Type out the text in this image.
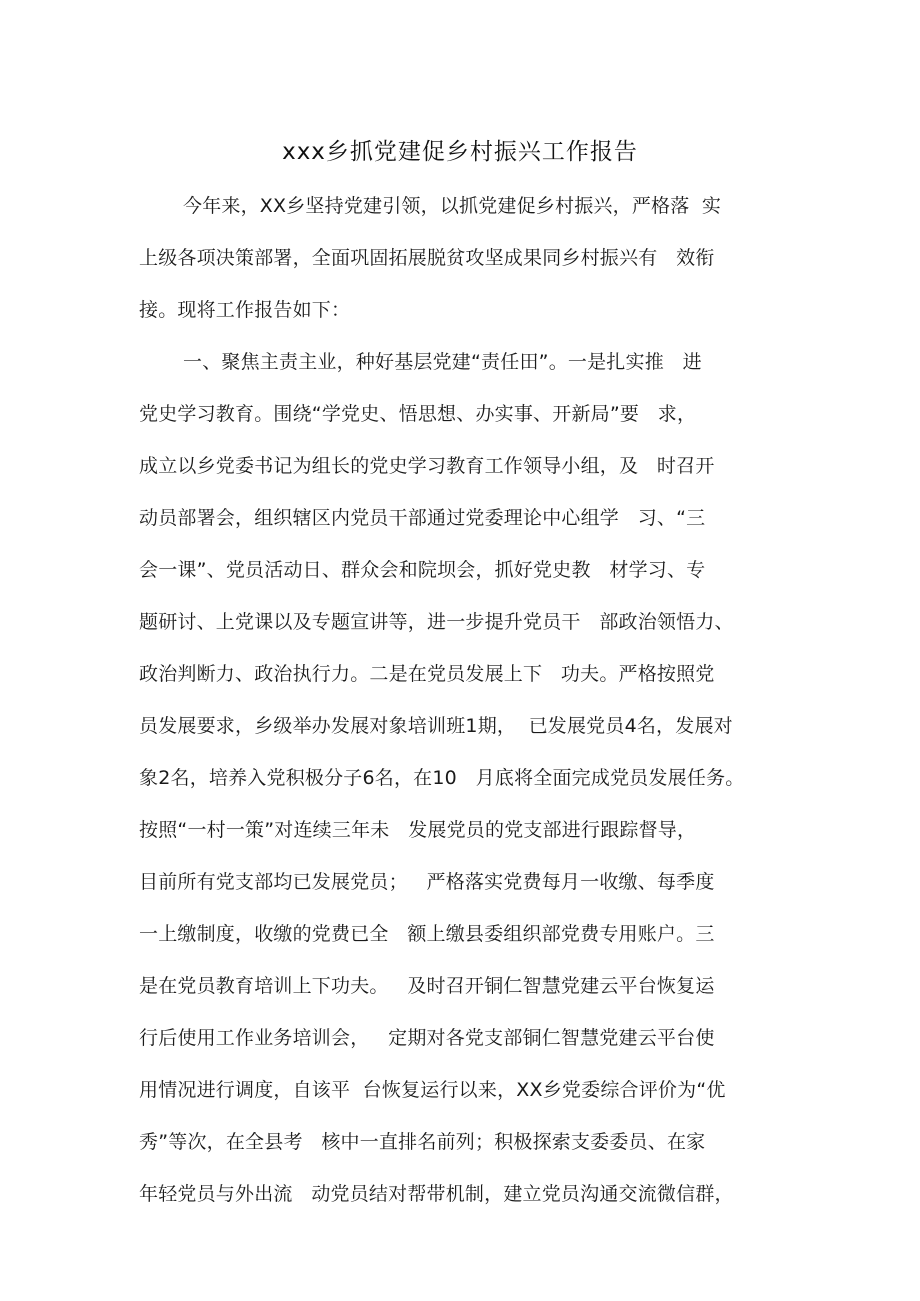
xxx乡抓党建促乡村振兴工作报告
今年来，XX乡坚持党建引领，以抓党建促乡村振兴，严格落  实
上级各项决策部署，全面巩固拓展脱贫攻坚成果同乡村振兴有   效衔
接。现将工作报告如下：
一、聚焦主责主业，种好基层党建“责任田”。一是扎实推   进
党史学习教育。围绕“学党史、悟思想、办实事、开新局”要   求，
成立以乡党委书记为组长的党史学习教育工作领导小组，及   时召开
动员部署会，组织辖区内党员干部通过党委理论中心组学   习、“三
会一课”、党员活动日、群众会和院坝会，抓好党史教   材学习、专
题研讨、上党课以及专题宣讲等，进一步提升党员干   部政治领悟力、
政治判断力、政治执行力。二是在党员发展上下   功夫。严格按照党
员发展要求，乡级举办发展对象培训班1期，  已发展党员4名，发展对
象2名，培养入党积极分子6名，在10   月底将全面完成党员发展任务。
按照“一村一策”对连续三年未   发展党员的党支部进行跟踪督导，
目前所有党支部均已发展党员；   严格落实党费每月一收缴、每季度
一上缴制度，收缴的党费已全   额上缴县委组织部党费专用账户。三
是在党员教育培训上下功夫。   及时召开铜仁智慧党建云平台恢复运
行后使用工作业务培训会，   定期对各党支部铜仁智慧党建云平台使
用情况进行调度，自该平  台恢复运行以来，XX乡党委综合评价为“优
秀”等次，在全县考   核中一直排名前列；积极探索支委委员、在家
年轻党员与外出流   动党员结对帮带机制，建立党员沟通交流微信群，
